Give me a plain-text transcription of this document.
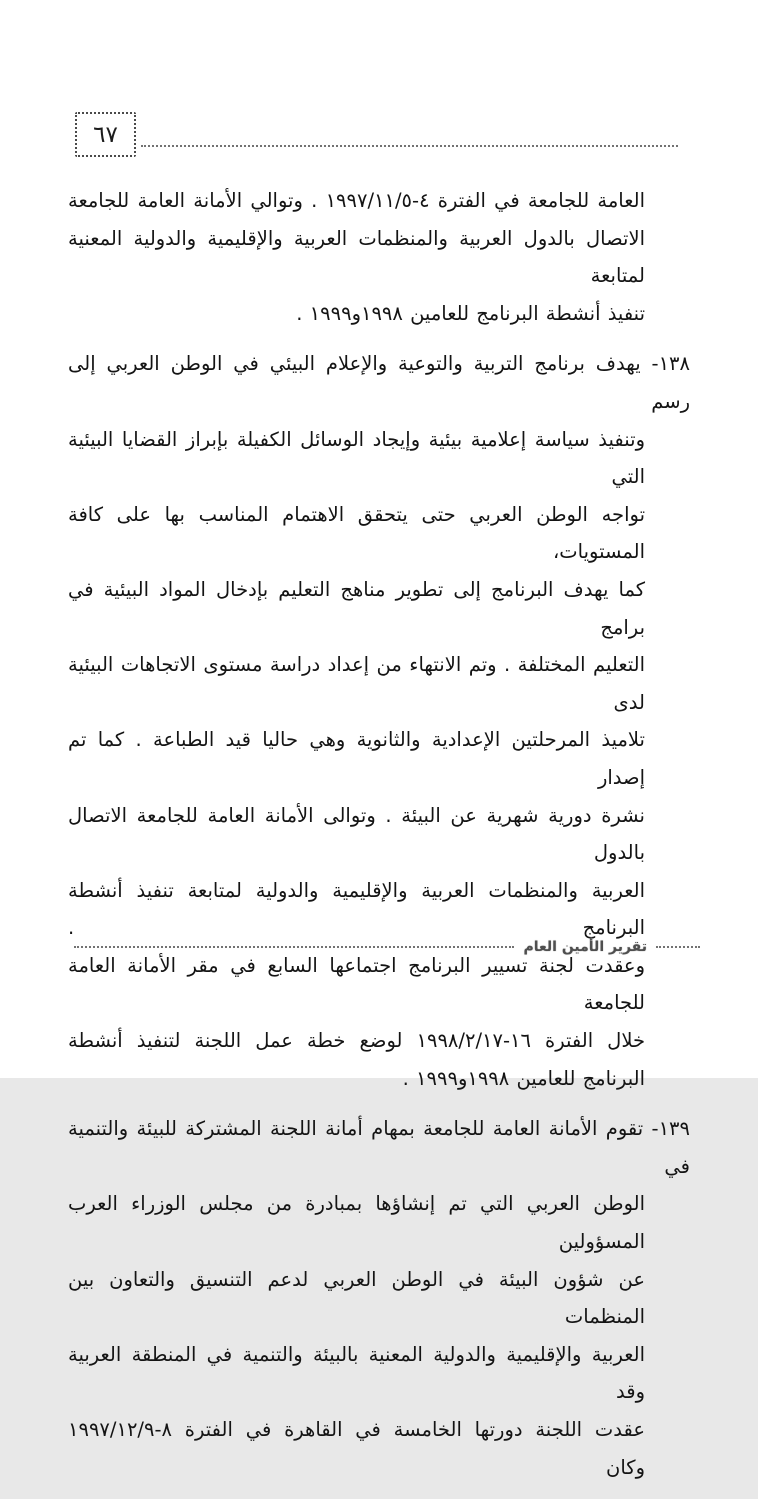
٦٧
العامة للجامعة في الفترة ٤-١٩٩٧/١١/٥ . وتوالي الأمانة العامة للجامعة
الاتصال بالدول العربية والمنظمات العربية والإقليمية والدولية المعنية لمتابعة
تنفيذ أنشطة البرنامج للعامين ١٩٩٨و١٩٩٩ .
١٣٨- يهدف برنامج التربية والتوعية والإعلام البيئي في الوطن العربي إلى رسم
وتنفيذ سياسة إعلامية بيئية وإيجاد الوسائل الكفيلة بإبراز القضايا البيئية التي
تواجه الوطن العربي حتى يتحقق الاهتمام المناسب بها على كافة المستويات،
كما يهدف البرنامج إلى تطوير مناهج التعليم بإدخال المواد البيئية في برامج
التعليم المختلفة . وتم الانتهاء من إعداد دراسة مستوى الاتجاهات البيئية لدى
تلاميذ المرحلتين الإعدادية والثانوية وهي حاليا قيد الطباعة . كما تم إصدار
نشرة دورية شهرية عن البيئة . وتوالى الأمانة العامة للجامعة الاتصال بالدول
العربية والمنظمات العربية والإقليمية والدولية لمتابعة تنفيذ أنشطة البرنامج .
وعقدت لجنة تسيير البرنامج اجتماعها السابع في مقر الأمانة العامة للجامعة
خلال الفترة ١٦-١٩٩٨/٢/١٧ لوضع خطة عمل اللجنة لتنفيذ أنشطة
البرنامج للعامين ١٩٩٨و١٩٩٩ .
١٣٩- تقوم الأمانة العامة للجامعة بمهام أمانة اللجنة المشتركة للبيئة والتنمية في
الوطن العربي التي تم إنشاؤها بمبادرة من مجلس الوزراء العرب المسؤولين
عن شؤون البيئة في الوطن العربي لدعم التنسيق والتعاون بين المنظمات
العربية والإقليمية والدولية المعنية بالبيئة والتنمية في المنطقة العربية وقد
عقدت اللجنة دورتها الخامسة في القاهرة في الفترة ٨-١٩٩٧/١٢/٩ وكان
تقرير الأمين العام
